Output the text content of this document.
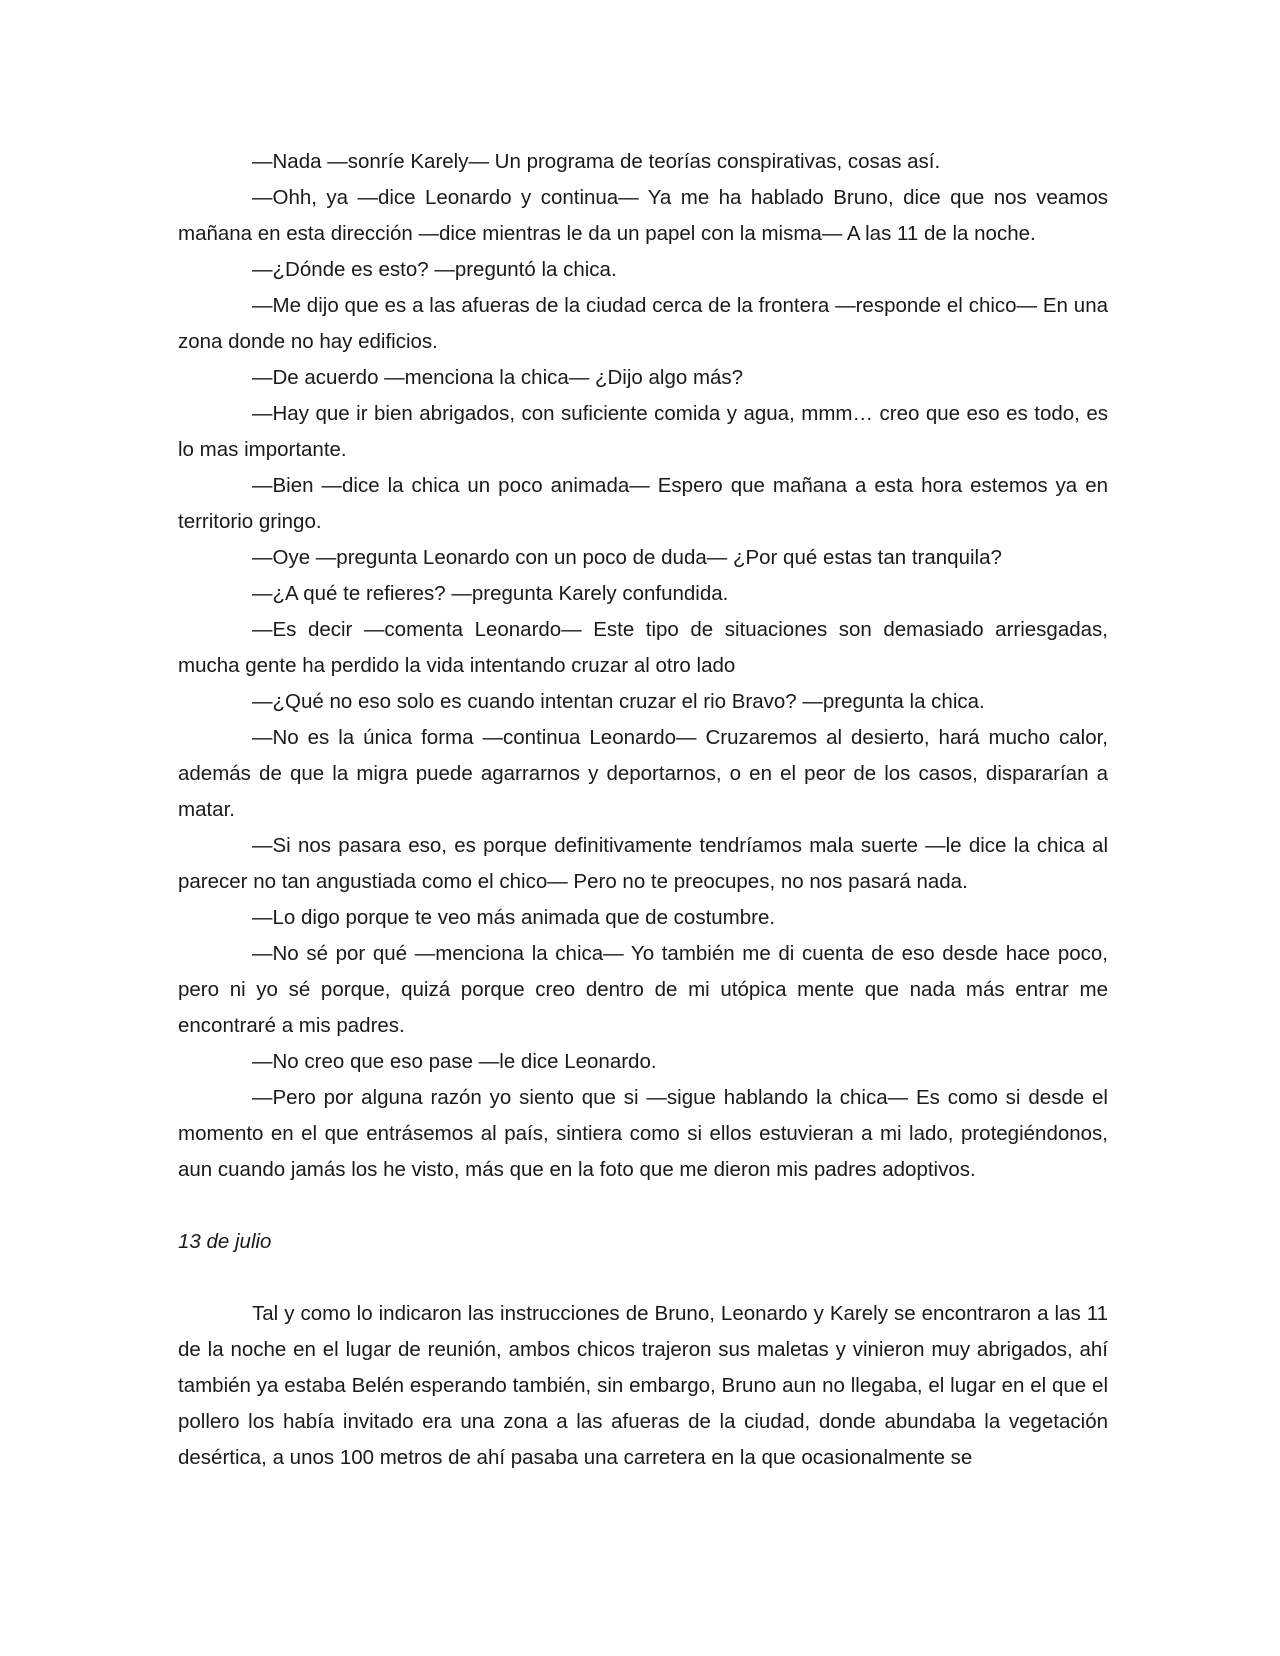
―Nada ―sonríe Karely― Un programa de teorías conspirativas, cosas así.

―Ohh, ya ―dice Leonardo y continua― Ya me ha hablado Bruno, dice que nos veamos mañana en esta dirección ―dice mientras le da un papel con la misma― A las 11 de la noche.

―¿Dónde es esto? ―preguntó la chica.

―Me dijo que es a las afueras de la ciudad cerca de la frontera ―responde el chico― En una zona donde no hay edificios.

―De acuerdo ―menciona la chica― ¿Dijo algo más?

―Hay que ir bien abrigados, con suficiente comida y agua, mmm… creo que eso es todo, es lo mas importante.

―Bien ―dice la chica un poco animada― Espero que mañana a esta hora estemos ya en territorio gringo.

―Oye ―pregunta Leonardo con un poco de duda― ¿Por qué estas tan tranquila?

―¿A qué te refieres? ―pregunta Karely confundida.

―Es decir ―comenta Leonardo― Este tipo de situaciones son demasiado arriesgadas, mucha gente ha perdido la vida intentando cruzar al otro lado

―¿Qué no eso solo es cuando intentan cruzar el rio Bravo? ―pregunta la chica.

―No es la única forma ―continua Leonardo― Cruzaremos al desierto, hará mucho calor, además de que la migra puede agarrarnos y deportarnos, o en el peor de los casos, dispararían a matar.

―Si nos pasara eso, es porque definitivamente tendríamos mala suerte ―le dice la chica al parecer no tan angustiada como el chico― Pero no te preocupes, no nos pasará nada.

―Lo digo porque te veo más animada que de costumbre.

―No sé por qué ―menciona la chica― Yo también me di cuenta de eso desde hace poco, pero ni yo sé porque, quizá porque creo dentro de mi utópica mente que nada más entrar me encontraré a mis padres.

―No creo que eso pase ―le dice Leonardo.

―Pero por alguna razón yo siento que si ―sigue hablando la chica― Es como si desde el momento en el que entrásemos al país, sintiera como si ellos estuvieran a mi lado, protegiéndonos, aun cuando jamás los he visto, más que en la foto que me dieron mis padres adoptivos.

13 de julio

Tal y como lo indicaron las instrucciones de Bruno, Leonardo y Karely se encontraron a las 11 de la noche en el lugar de reunión, ambos chicos trajeron sus maletas y vinieron muy abrigados, ahí también ya estaba Belén esperando también, sin embargo, Bruno aun no llegaba, el lugar en el que el pollero los había invitado era una zona a las afueras de la ciudad, donde abundaba la vegetación desértica, a unos 100 metros de ahí pasaba una carretera en la que ocasionalmente se
